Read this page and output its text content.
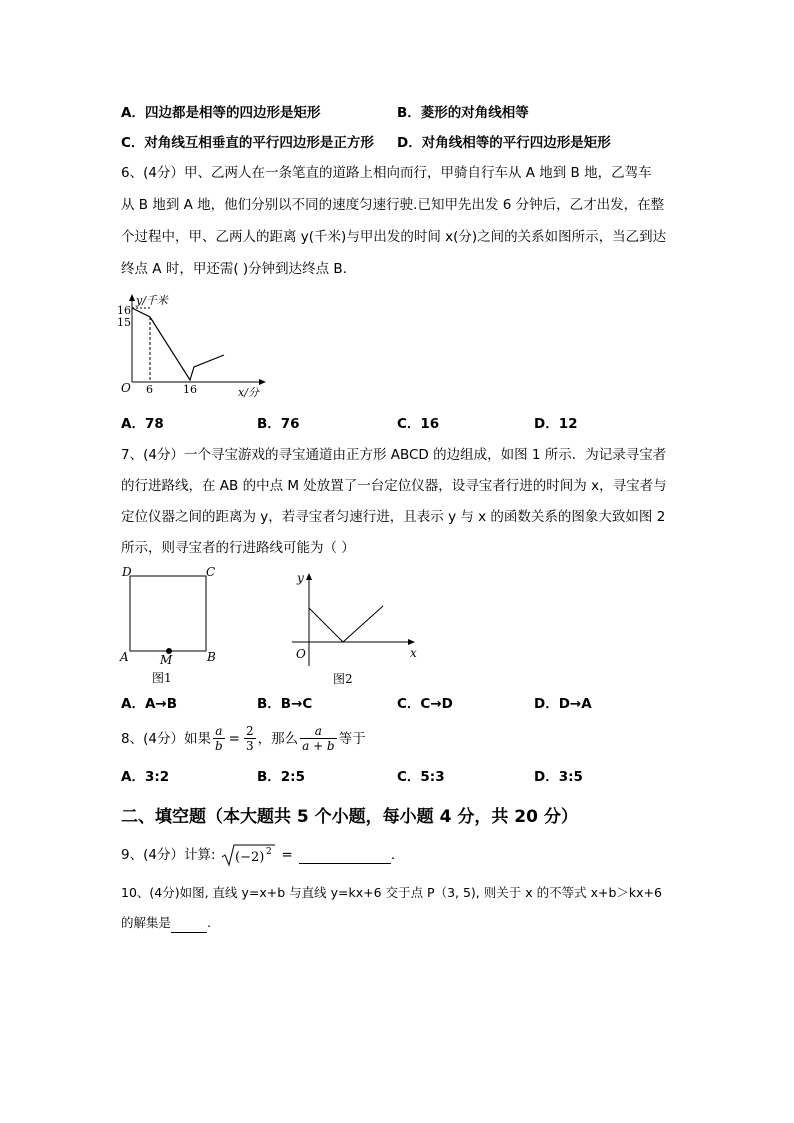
A．四边都是相等的四边形是矩形	B．菱形的对角线相等
C．对角线互相垂直的平行四边形是正方形 D．对角线相等的平行四边形是矩形
6、(4分）甲、乙两人在一条笔直的道路上相向而行，甲骑自行车从 A 地到 B 地，乙驾车
从 B 地到 A 地，他们分别以不同的速度匀速行驶.已知甲先出发 6 分钟后，乙才出发，在整
个过程中，甲、乙两人的距离 y(千米)与甲出发的时间 x(分)之间的关系如图所示，当乙到达
终点 A 时，甲还需( )分钟到达终点 B．
16
15
y/千米
O 6	16	x/分
A．78	B．76	C．16	D．12
7、(4分）一个寻宝游戏的寻宝通道由正方形 ABCD 的边组成，如图 1 所示．为记录寻宝者
的行进路线，在 AB 的中点 M 处放置了一台定位仪器，设寻宝者行进的时间为 x，寻宝者与
定位仪器之间的距离为 y，若寻宝者匀速行进，且表示 y 与 x 的函数关系的图象大致如图 2
所示，则寻宝者的行进路线可能为（ ）
D	C
A	B
M
图1
y
x
O
图2
A．A→B	B．B→C	C．C→D	D．D→A
8、(4分）如果 $\frac{a}{b} = \frac{2}{3}$ ，那么 $\frac{a}{a + b}$ 等于
A．3:2	B．2:5	C．5:3	D．3:5
二、填空题（本大题共 5 个小题，每小题 4 分，共 20 分）
9、(4分）计算: (−2) 2 =	.
10、(4分)如图, 直线 y=x+b 与直线 y=kx+6 交于点 P（3, 5), 则关于 x 的不等式 x+b＞kx+6
的解集是	.
